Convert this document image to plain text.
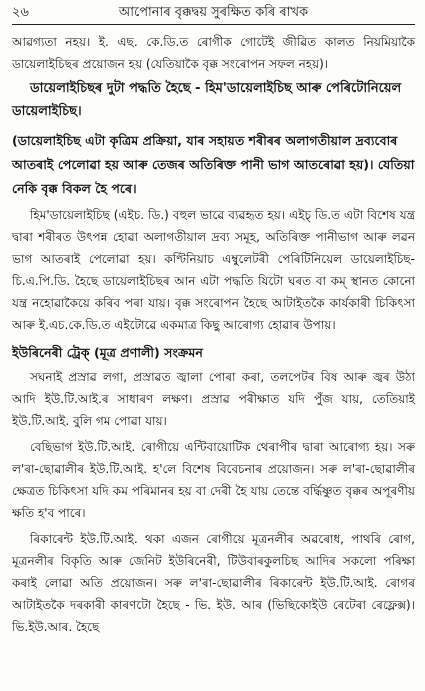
২৬	আপোনাৰ বৃক্কদ্বয় সুৰক্ষিত কৰি ৰাখক

আৱগ্যতা নহয়। ই. এছ. কে.ডি.ত ৰোগীক গোটেই জীৱিত কালত নিয়মিয়াকৈ ডায়েলাইচিছৰ প্ৰয়োজন হয় (যেতিয়াকৈ বৃক্ক সংৰোপন সফল নহয়)।

ডায়েলাইচিছৰ দুটা পদ্ধতি হৈছে - হিম'ডায়েলাইচিছ আৰু পেৰিটোনিয়েল ডায়েলাইচিছ।

(ডায়েলাইচিছ এটা কৃত্ৰিম প্ৰক্ৰিয়া, যাৰ সহায়ত শৰীৰৰ অলাগতীয়াল দ্ৰব্যবোৰ আতৰাই পেলোৱা হয় আৰু তেজৰ অতিৰিক্ত পানী ভাগ আতৰোৱা হয়)। যেতিয়া নেকি বৃক্ক বিকল হৈ পৰে।

হিম'ডায়েলাইচিছ (এইচ. ডি.) বহুল ভাৱে ব্যৱহৃত হয়। এইচ্ ডি.ত এটা বিশেষ যন্ত্ৰ দ্বাৰা শৰীৰত উৎপন্ন হোৱা অলাগতীয়াল দ্ৰব্য সমূহ, অতিৰিক্ত পানীভাগ আৰু লৱন ভাগ আতৰাই পেলোৱা হয়। কণ্টিনিয়াচ এম্বুলেটৰী পেৰিটিনিয়েল ডায়েলাইচিছ- চি.এ.পি.ডি. হৈছে ডায়েলাইচিছৰ আন এটা পদ্ধতি যিটো ঘৰত বা কম্ স্থানত কোনো যন্ত্ৰ নহোৱাকৈয়ে কৰিব পৰা যায়। বৃক্ক সংৰোপন হৈছে আটাইতকৈ কাৰ্যকাৰী চিকিৎসা আৰু ই.এচ.কে.ডি.ত এইটোৱে একমাত্ৰ কিছু আৰোগ্য হোৱাৰ উপায়।

ইউৰিনেৰী ট্ৰেক্ (মূত্ৰ প্ৰণালী) সংক্ৰমন

সঘনাই প্ৰস্ৰাৱ লগা, প্ৰস্ৰাৱত জ্বালা পোৰা কৰা, তলপেটৰ বিষ আৰু জ্বৰ উঠা আদি ইউ.টি.আই.ৰ সাধাৰণ লক্ষণ। প্ৰস্ৰাৱ পৰীক্ষাত যদি পুঁজ যায়, তেতিয়াই ইউ.টি.আই. বুলি গম পোৱা যায়।

বেছিভাগ ইউ.টি.আই. ৰোগীয়ে এন্টিবায়োটিক থেৰাপীৰ দ্বাৰা আৰোগ্য হয়। সৰু ল'ৰা-ছোৱালীৰ ইউ.টি.আই. হ'লে বিশেষ বিবেচনাৰ প্ৰয়োজন। সৰু ল'ৰা-ছোৱালীৰ ক্ষেত্ৰত চিকিৎসা যদি কম পৰিমানৰ হয় বা দেৰী হৈ যায় তেন্তে বৰ্দ্ধিষ্ণুত বৃক্কৰ অপূৰণীয় ক্ষতি হ'ব পাৰে।

ৰিকাৰেন্ট ইউ.টি.আই. থকা এজন ৰোগীয়ে মূত্ৰনলীৰ অৱৰোধ, পাথৰি ৰোগ, মূত্ৰনলীৰ বিকৃতি আৰু জেনিট ইউৰিনেৰী, টিউবাৰকুলচিছ আদিৰ সকলো পৰিক্ষা কৰাই লোৱা অতি প্ৰয়োজন। সৰু ল'ৰা-ছোৱালীৰ ৰিকাৰেন্ট ইউ.টি.আই. ৰোগৰ আটাইতকৈ দৰকাৰী কাৰণটো হৈছে - ভি. ইউ. আৰ (ভিছিকোইউ ৰেটেৰা ৰেফ্লেক্স)। ভি.ইউ.আৰ. হৈছে
